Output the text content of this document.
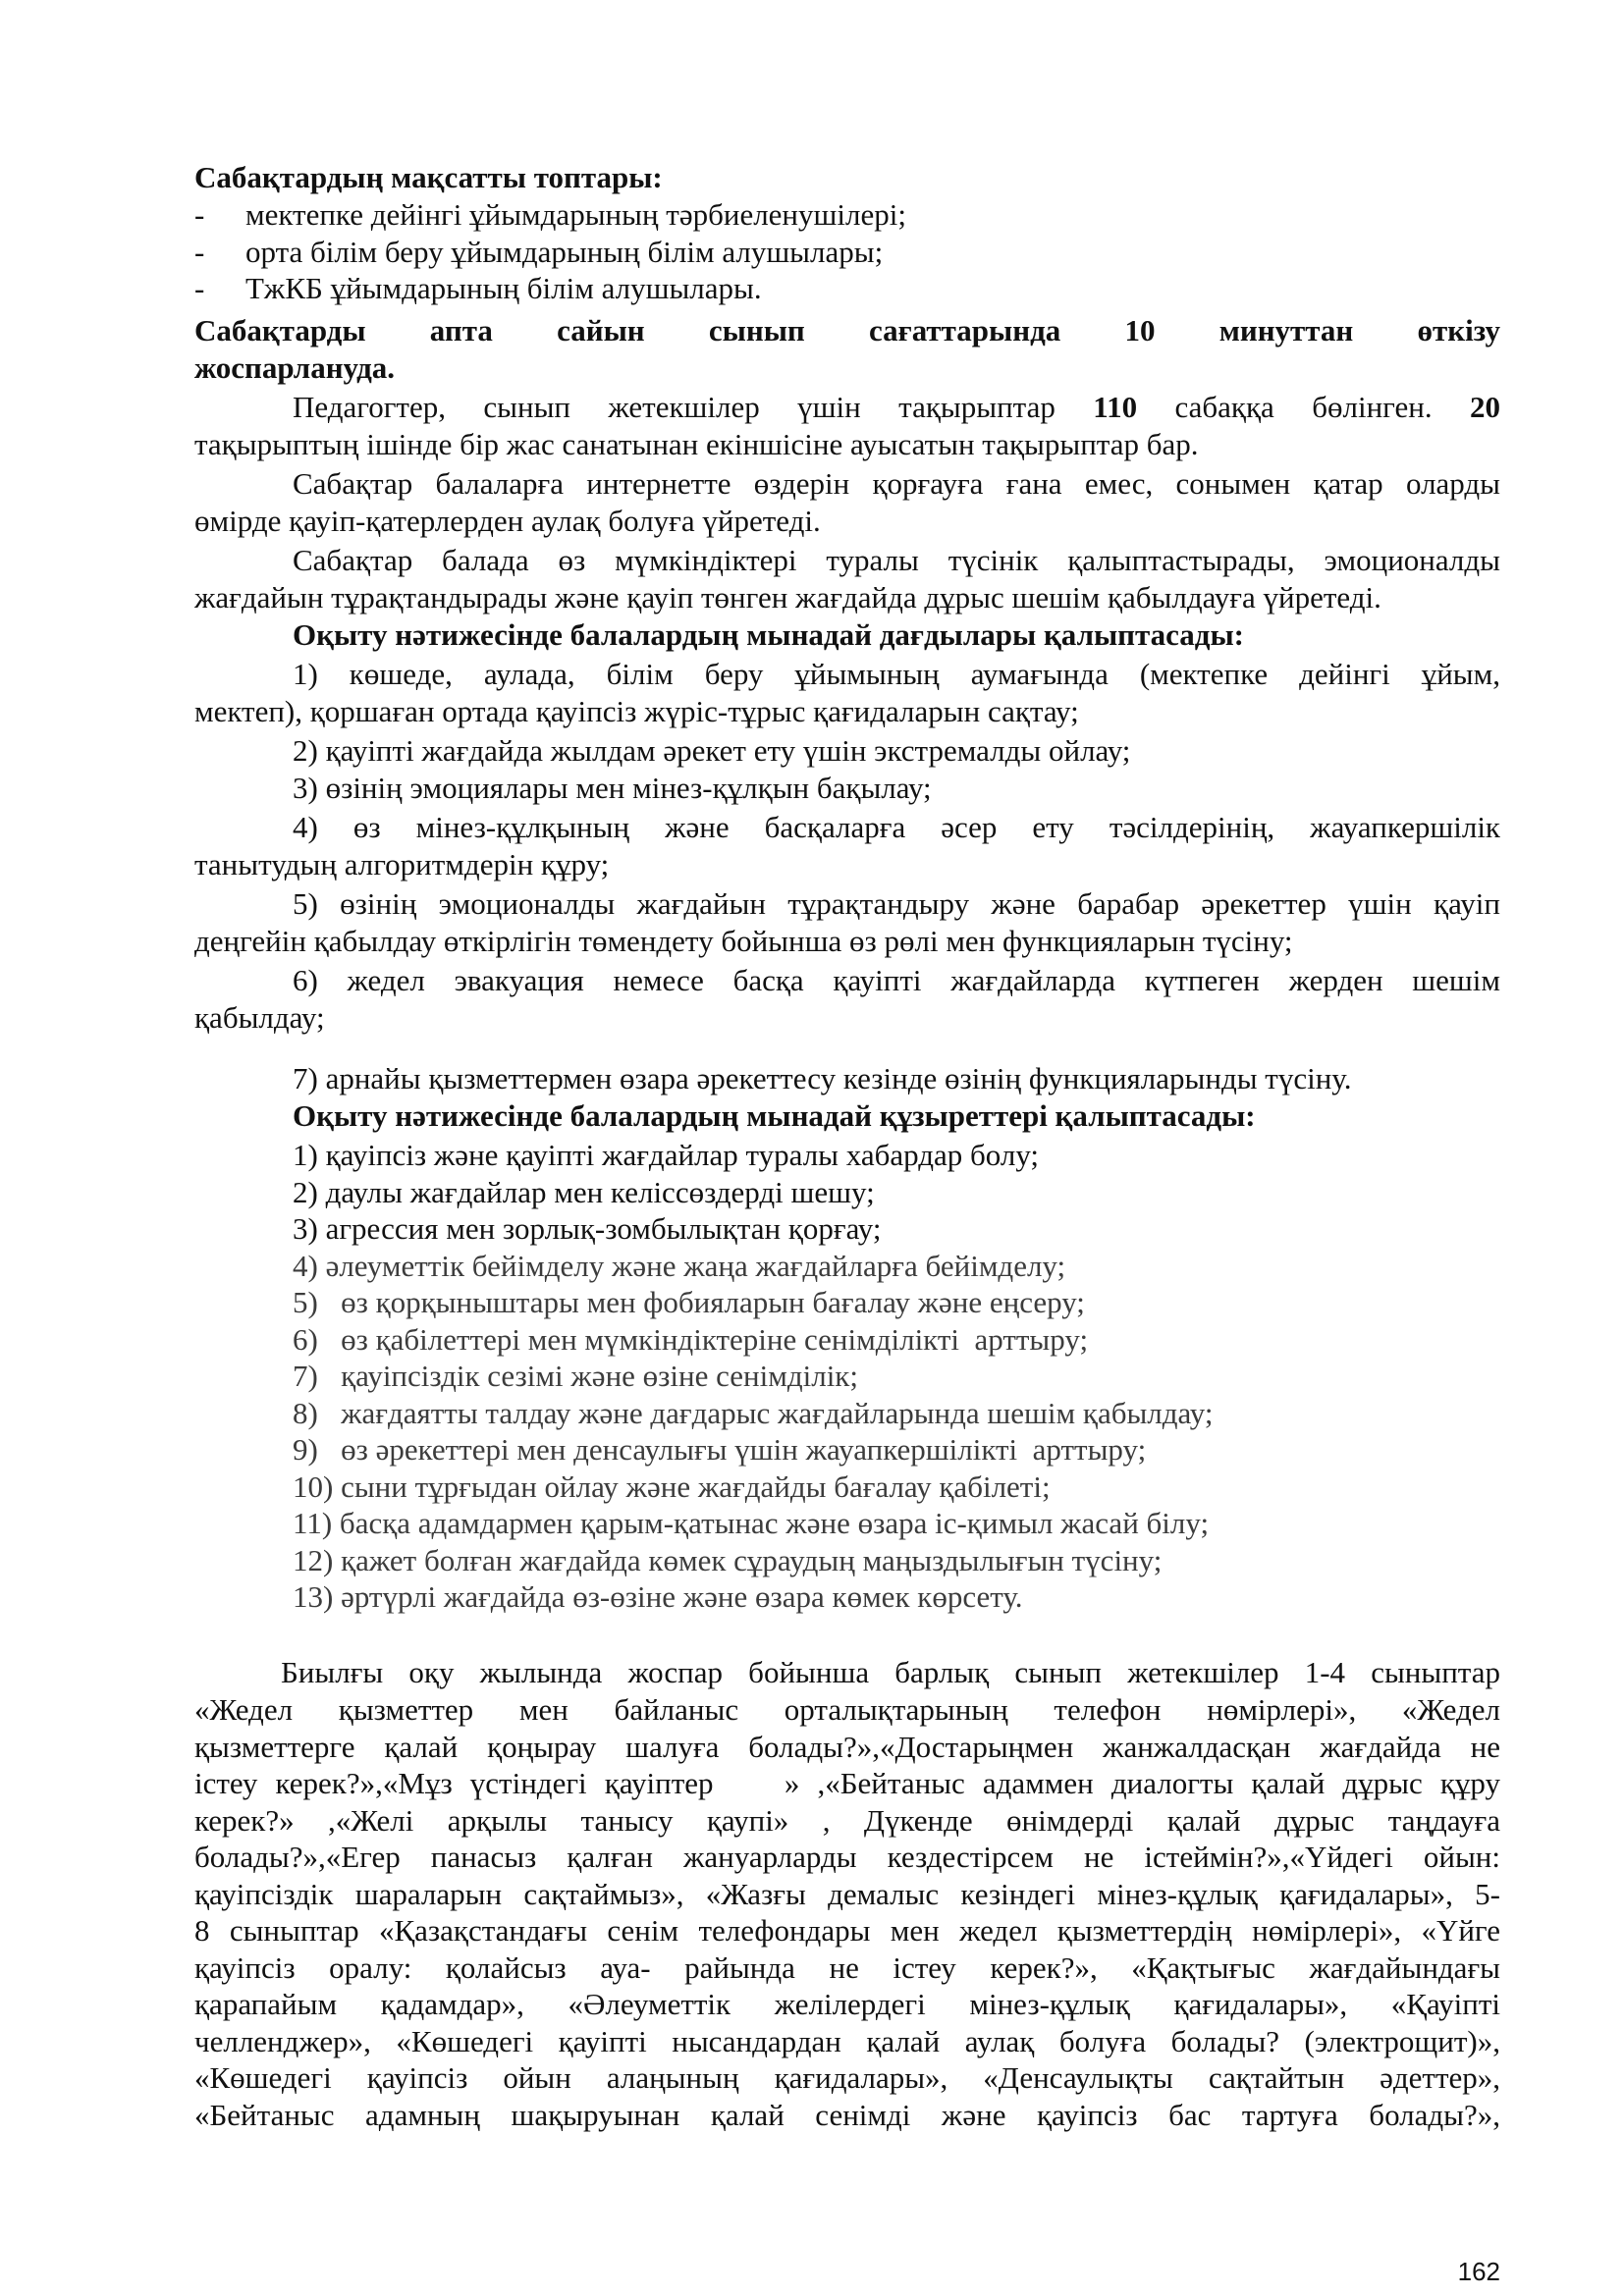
Сабақтардың мақсатты топтары:
- мектепке дейінгі ұйымдарының тәрбиеленушілері;
- орта білім беру ұйымдарының білім алушылары;
- ТжКБ ұйымдарының білім алушылары.
Сабақтарды апта сайын сынып сағаттарында 10 минуттан өткізу
жоспарлануда.
Педагогтер, сынып жетекшілер үшін тақырыптар 110 сабаққа бөлінген. 20
тақырыптың ішінде бір жас санатынан екіншісіне ауысатын тақырыптар бар.
Сабақтар балаларға интернетте өздерін қорғауға ғана емес, сонымен қатар оларды
өмірде қауіп-қатерлерден аулақ болуға үйретеді.
Сабақтар балада өз мүмкіндіктері туралы түсінік қалыптастырады, эмоционалды
жағдайын тұрақтандырады және қауіп төнген жағдайда дұрыс шешім қабылдауға үйретеді.
Оқыту нәтижесінде балалардың мынадай дағдылары қалыптасады:
1) көшеде, аулада, білім беру ұйымының аумағында (мектепке дейінгі ұйым,
мектеп), қоршаған ортада қауіпсіз жүріс-тұрыс қағидаларын сақтау;
2) қауіпті жағдайда жылдам әрекет ету үшін экстремалды ойлау;
3) өзінің эмоциялары мен мінез-құлқын бақылау;
4) өз мінез-құлқының және басқаларға әсер ету тәсілдерінің, жауапкершілік
танытудың алгоритмдерін құру;
5) өзінің эмоционалды жағдайын тұрақтандыру және барабар әрекеттер үшін қауіп
деңгейін қабылдау өткірлігін төмендету бойынша өз рөлі мен функцияларын түсіну;
6) жедел эвакуация немесе басқа қауіпті жағдайларда күтпеген жерден шешім
қабылдау;
7) арнайы қызметтермен өзара әрекеттесу кезінде өзінің функцияларынды түсіну.
Оқыту нәтижесінде балалардың мынадай құзыреттері қалыптасады:
1) қауіпсіз және қауіпті жағдайлар туралы хабардар болу;
2) даулы жағдайлар мен келіссөздерді шешу;
3) агрессия мен зорлық-зомбылықтан қорғау;
4) әлеуметтік бейімделу және жаңа жағдайларға бейімделу;
5)   өз қорқыныштары мен фобияларын бағалау және еңсеру;
6)   өз қабілеттері мен мүмкіндіктеріне сенімділікті  арттыру;
7)   қауіпсіздік сезімі және өзіне сенімділік;
8)   жағдаятты талдау және дағдарыс жағдайларында шешім қабылдау;
9)   өз әрекеттері мен денсаулығы үшін жауапкершілікті  арттыру;
10) сыни тұрғыдан ойлау және жағдайды бағалау қабілеті;
11) басқа адамдармен қарым-қатынас және өзара іс-қимыл жасай білу;
12) қажет болған жағдайда көмек сұраудың маңыздылығын түсіну;
13) әртүрлі жағдайда өз-өзіне және өзара көмек көрсету.
Биылғы оқу жылында жоспар бойынша барлық сынып жетекшілер 1-4 сыныптар
«Жедел қызметтер мен байланыс орталықтарының телефон нөмірлері», «Жедел
қызметтерге қалай қоңырау шалуға болады?»,«Достарыңмен жанжалдасқан жағдайда не
істеу керек?»,«Мұз үстіндегі қауіптер    » ,«Бейтаныс адаммен диалогты қалай дұрыс құру
керек?» ,«Желі арқылы танысу қаупі» , Дүкенде өнімдерді қалай дұрыс таңдауға
болады?»,«Егер панасыз қалған жануарларды кездестірсем не істеймін?»,«Үйдегі ойын:
қауіпсіздік шараларын сақтаймыз», «Жазғы демалыс кезіндегі мінез-құлық қағидалары», 5-
8 сыныптар «Қазақстандағы сенім телефондары мен жедел қызметтердің нөмірлері», «Үйге
қауіпсіз оралу: қолайсыз ауа- райында не істеу керек?», «Қақтығыс жағдайындағы
қарапайым қадамдар», «Әлеуметтік желілердегі мінез-құлық қағидалары», «Қауіпті
челленджер», «Көшедегі қауіпті нысандардан қалай аулақ болуға болады? (электрощит)»,
«Көшедегі қауіпсіз ойын алаңының қағидалары», «Денсаулықты сақтайтын әдеттер»,
«Бейтаныс адамның шақыруынан қалай сенімді және қауіпсіз бас тартуға болады?»,
162
